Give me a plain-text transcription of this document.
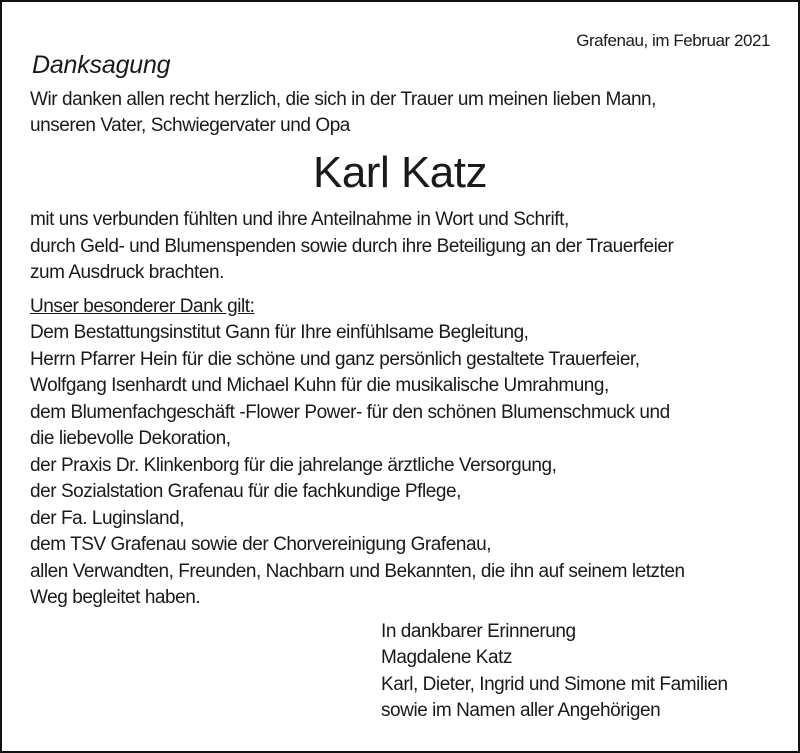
Grafenau, im Februar 2021
Danksagung
Wir danken allen recht herzlich, die sich in der Trauer um meinen lieben Mann,
unseren Vater, Schwiegervater und Opa
Karl Katz
mit uns verbunden fühlten und ihre Anteilnahme in Wort und Schrift,
durch Geld- und Blumenspenden sowie durch ihre Beteiligung an der Trauerfeier
zum Ausdruck brachten.
Unser besonderer Dank gilt:
Dem Bestattungsinstitut Gann für Ihre einfühlsame Begleitung,
Herrn Pfarrer Hein für die schöne und ganz persönlich gestaltete Trauerfeier,
Wolfgang Isenhardt und Michael Kuhn für die musikalische Umrahmung,
dem Blumenfachgeschäft -Flower Power- für den schönen Blumenschmuck und
die liebevolle Dekoration,
der Praxis Dr. Klinkenborg für die jahrelange ärztliche Versorgung,
der Sozialstation Grafenau für die fachkundige Pflege,
der Fa. Luginsland,
dem TSV Grafenau sowie der Chorvereinigung Grafenau,
allen Verwandten, Freunden, Nachbarn und Bekannten, die ihn auf seinem letzten
Weg begleitet haben.
In dankbarer Erinnerung
Magdalene Katz
Karl, Dieter, Ingrid und Simone mit Familien
sowie im Namen aller Angehörigen
